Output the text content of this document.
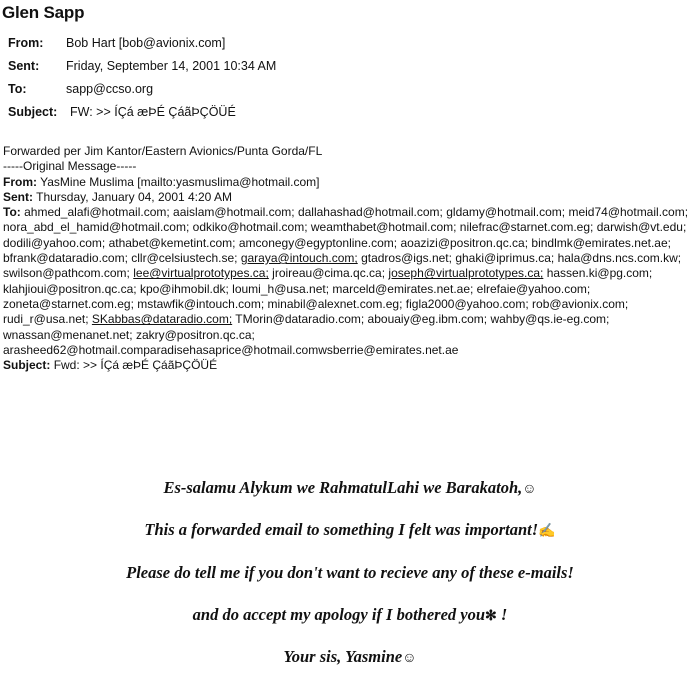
Glen Sapp
From: Bob Hart [bob@avionix.com]
Sent: Friday, September 14, 2001 10:34 AM
To:	sapp@ccso.org
Subject: FW: >> ÍÇá æÞÉ ÇáãÞÇÖÜÉ
Forwarded per Jim Kantor/Eastern Avionics/Punta Gorda/FL
-----Original Message-----
From: YasMine Muslima [mailto:yasmuslima@hotmail.com]
Sent: Thursday, January 04, 2001 4:20 AM
To: ahmed_alafi@hotmail.com; aaislam@hotmail.com; dallahashad@hotmail.com; gldamy@hotmail.com; meid74@hotmail.com; nora_abd_el_hamid@hotmail.com; odkiko@hotmail.com; weamthabet@hotmail.com; nilefrac@starnet.com.eg; darwish@vt.edu; dodili@yahoo.com; athabet@kemetint.com; amconegy@egyptonline.com; aoazizi@positron.qc.ca; bindlmk@emirates.net.ae; bfrank@dataradio.com; cllr@celsiustech.se; garaya@intouch.com; gtadros@igs.net; ghaki@iprimus.ca; hala@dns.ncs.com.kw; swilson@pathcom.com; lee@virtualprototypes.ca; jroireau@cima.qc.ca; joseph@virtualprototypes.ca; hassen.ki@pg.com; klahjioui@positron.qc.ca; kpo@ihmobil.dk; loumi_h@usa.net; marceld@emirates.net.ae; elrefaie@yahoo.com; zoneta@starnet.com.eg; mstawfik@intouch.com; minabil@alexnet.com.eg; figla2000@yahoo.com; rob@avionix.com; rudi_r@usa.net; SKabbas@dataradio.com; TMorin@dataradio.com; abouaiy@eg.ibm.com; wahby@qs.ie-eg.com; wnassan@menanet.net; zakry@positron.qc.ca; arasheed62@hotmail.comparadisehasaprice@hotmail.comwsberrie@emirates.net.ae
Subject: Fwd: >> ÍÇá æÞÉ ÇáãÞÇÖÜÉ
Es-salamu Alykum we RahmatulLahi we Barakatoh,☺
This a forwarded email to something I felt was important!✍
Please do tell me if you don't want to recieve any of these e-mails!
and do accept my apology if I bothered you✻ !
Your sis, Yasmine☺
